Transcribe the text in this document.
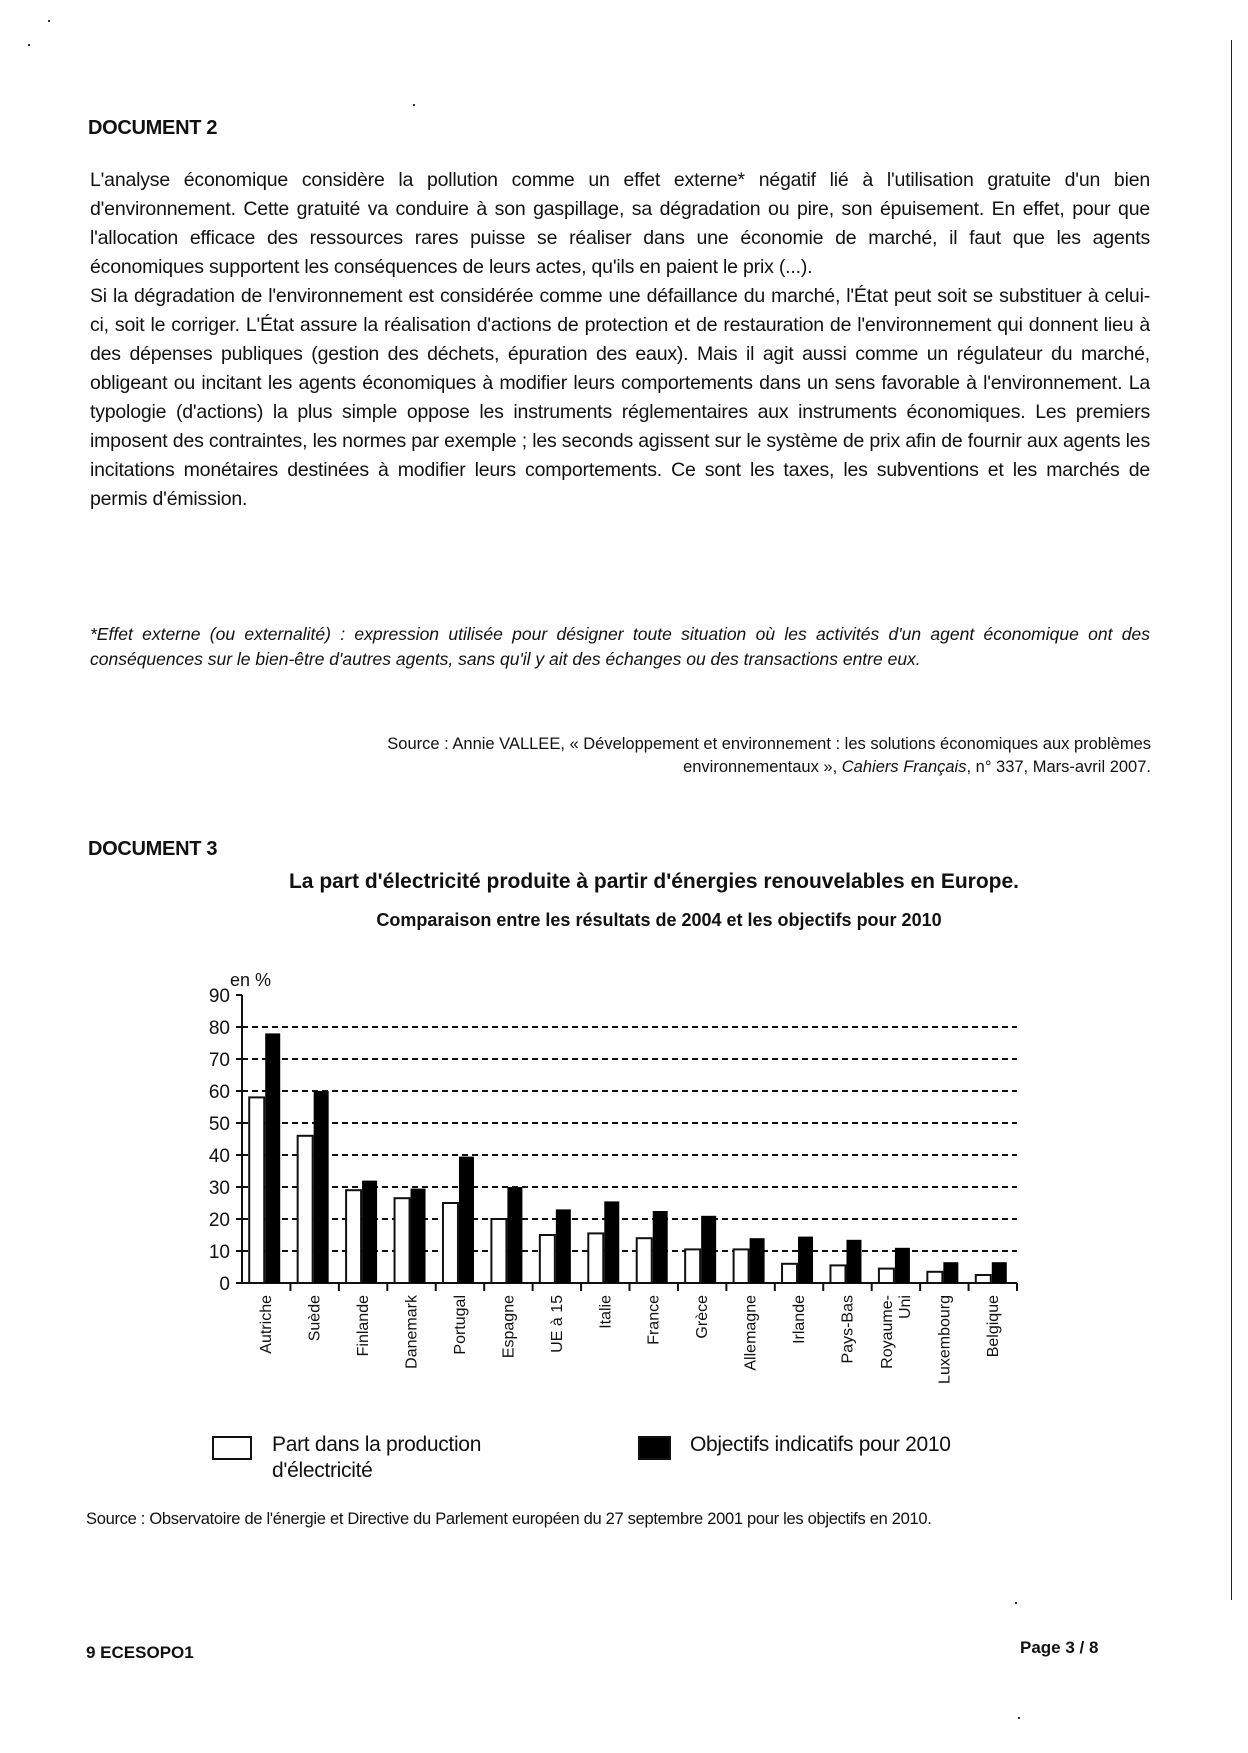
DOCUMENT 2

L'analyse économique considère la pollution comme un effet externe* négatif lié à l'utilisation gratuite d'un bien d'environnement. Cette gratuité va conduire à son gaspillage, sa dégradation ou pire, son épuisement. En effet, pour que l'allocation efficace des ressources rares puisse se réaliser dans une économie de marché, il faut que les agents économiques supportent les conséquences de leurs actes, qu'ils en paient le prix (...).

Si la dégradation de l'environnement est considérée comme une défaillance du marché, l'État peut soit se substituer à celui-ci, soit le corriger. L'État assure la réalisation d'actions de protection et de restauration de l'environnement qui donnent lieu à des dépenses publiques (gestion des déchets, épuration des eaux). Mais il agit aussi comme un régulateur du marché, obligeant ou incitant les agents économiques à modifier leurs comportements dans un sens favorable à l'environnement. La typologie (d'actions) la plus simple oppose les instruments réglementaires aux instruments économiques. Les premiers imposent des contraintes, les normes par exemple ; les seconds agissent sur le système de prix afin de fournir aux agents les incitations monétaires destinées à modifier leurs comportements. Ce sont les taxes, les subventions et les marchés de permis d'émission.

*Effet externe (ou externalité) : expression utilisée pour désigner toute situation où les activités d'un agent économique ont des conséquences sur le bien-être d'autres agents, sans qu'il y ait des échanges ou des transactions entre eux.
Source : Annie VALLEE, « Développement et environnement : les solutions économiques aux problèmes
environnementaux », Cahiers Français, n° 337, Mars-avril 2007.
DOCUMENT 3
La part d'électricité produite à partir d'énergies renouvelables en Europe.
Comparaison entre les résultats de 2004 et les objectifs pour 2010
en %
0
10
20
30
40
50
60
70
80
90
Autriche Suède Finlande Danemark Portugal Espagne UE à 15 Italie France Grèce Allemagne Irlande Pays-Bas Royaume- Uni Luxembourg Belgique
Part dans la production
d'électricité
Objectifs indicatifs pour 2010
Source : Observatoire de l'énergie et Directive du Parlement européen du 27 septembre 2001 pour les objectifs en 2010.
9 ECESOPO1	Page 3 / 8
